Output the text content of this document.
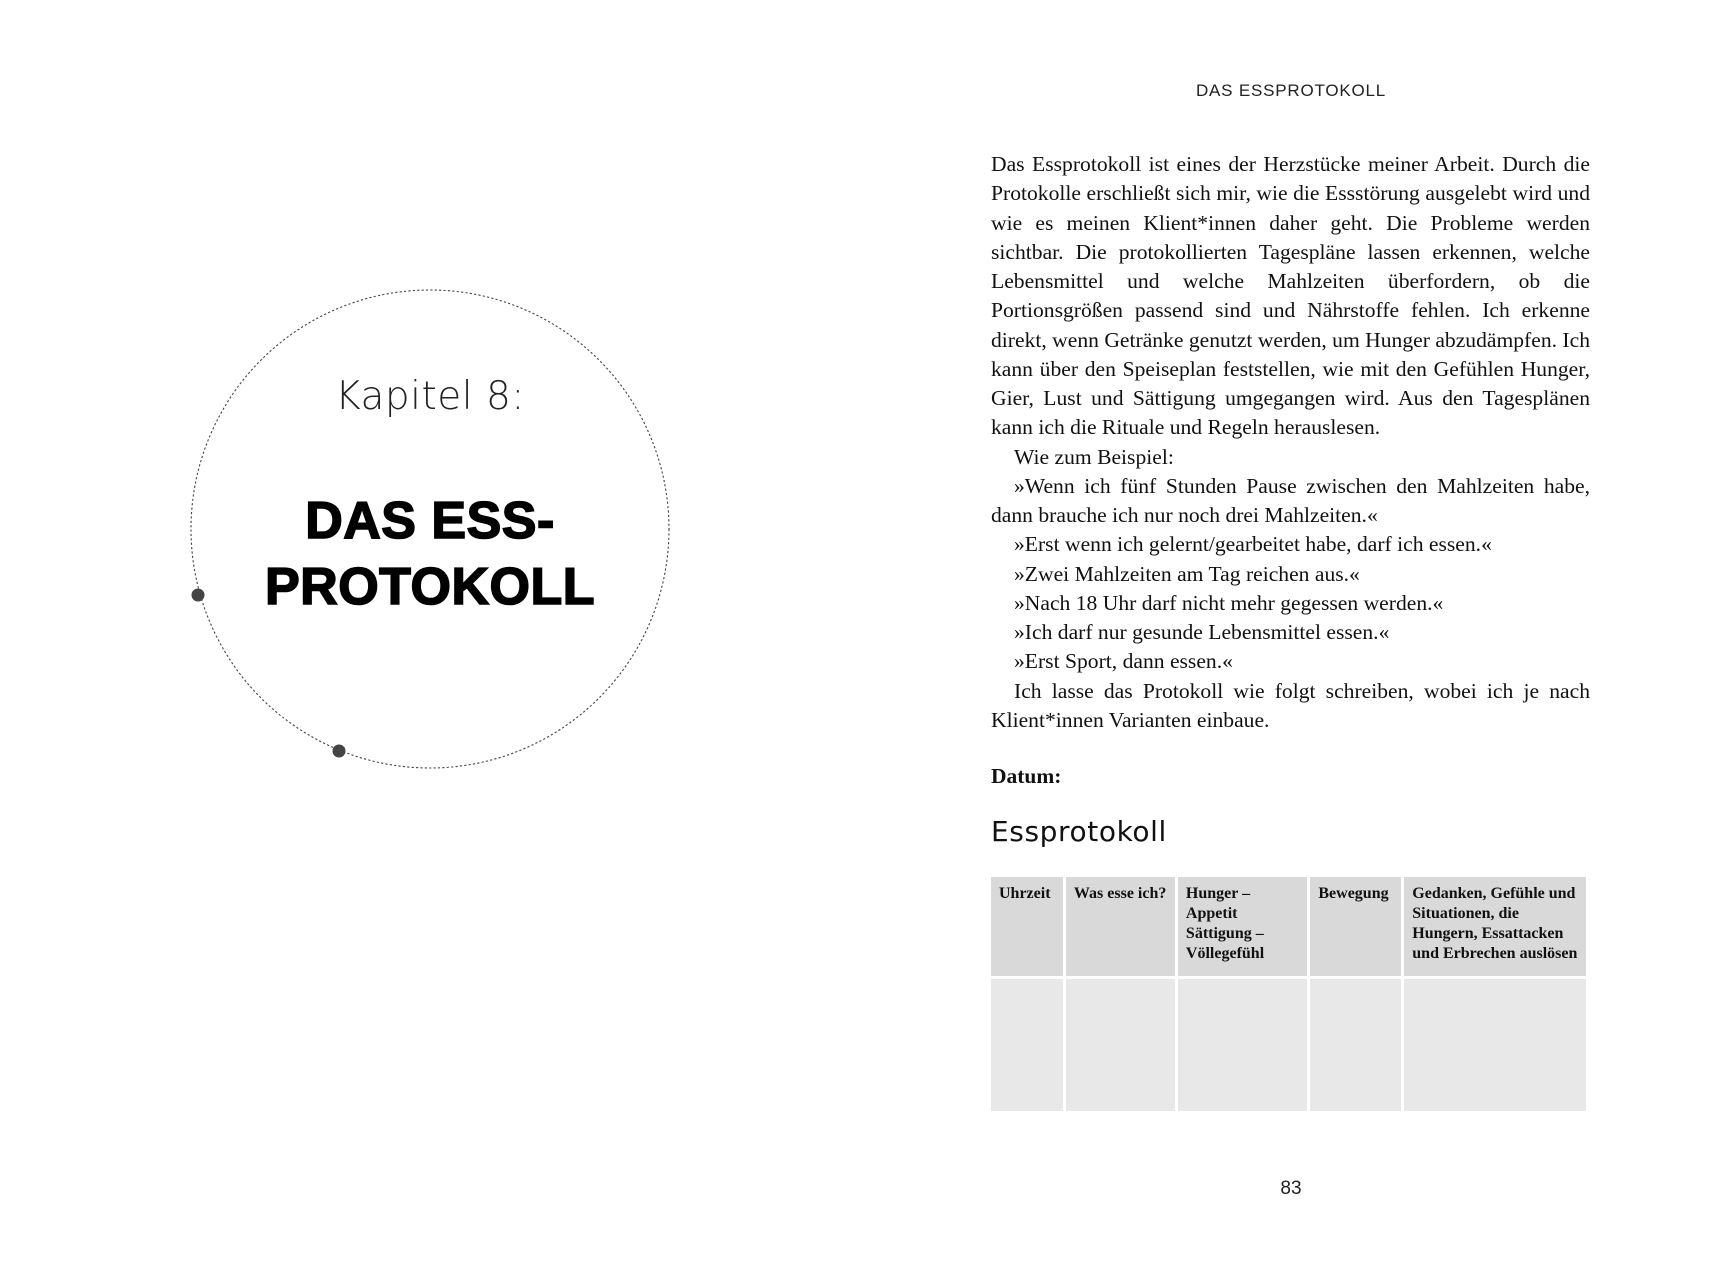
Kapitel 8:
DAS ESS-
PROTOKOLL
DAS ESSPROTOKOLL

Das Essprotokoll ist eines der Herzstücke meiner Arbeit. Durch die Protokolle erschließt sich mir, wie die Essstörung ausgelebt wird und wie es meinen Klient*innen daher geht. Die Probleme werden sichtbar. Die protokollierten Tagespläne lassen erkennen, welche Lebensmittel und welche Mahlzeiten überfordern, ob die Portionsgrößen passend sind und Nährstoffe fehlen. Ich erkenne direkt, wenn Getränke genutzt werden, um Hunger abzudämpfen. Ich kann über den Speiseplan feststellen, wie mit den Gefühlen Hunger, Gier, Lust und Sättigung umgegangen wird. Aus den Tagesplänen kann ich die Rituale und Regeln herauslesen.

Wie zum Beispiel:

»Wenn ich fünf Stunden Pause zwischen den Mahlzeiten habe, dann brauche ich nur noch drei Mahlzeiten.«

»Erst wenn ich gelernt/gearbeitet habe, darf ich essen.«

»Zwei Mahlzeiten am Tag reichen aus.«

»Nach 18 Uhr darf nicht mehr gegessen werden.«

»Ich darf nur gesunde Lebensmittel essen.«

»Erst Sport, dann essen.«

Ich lasse das Protokoll wie folgt schreiben, wobei ich je nach Klient*innen Varianten einbaue.

Datum:
Essprotokoll
Uhrzeit	Was esse ich?	Hunger – Appetit Sättigung – Völlegefühl	Bewegung	Gedanken, Gefühle und Situationen, die Hungern, Essattacken und Erbrechen auslösen

83
